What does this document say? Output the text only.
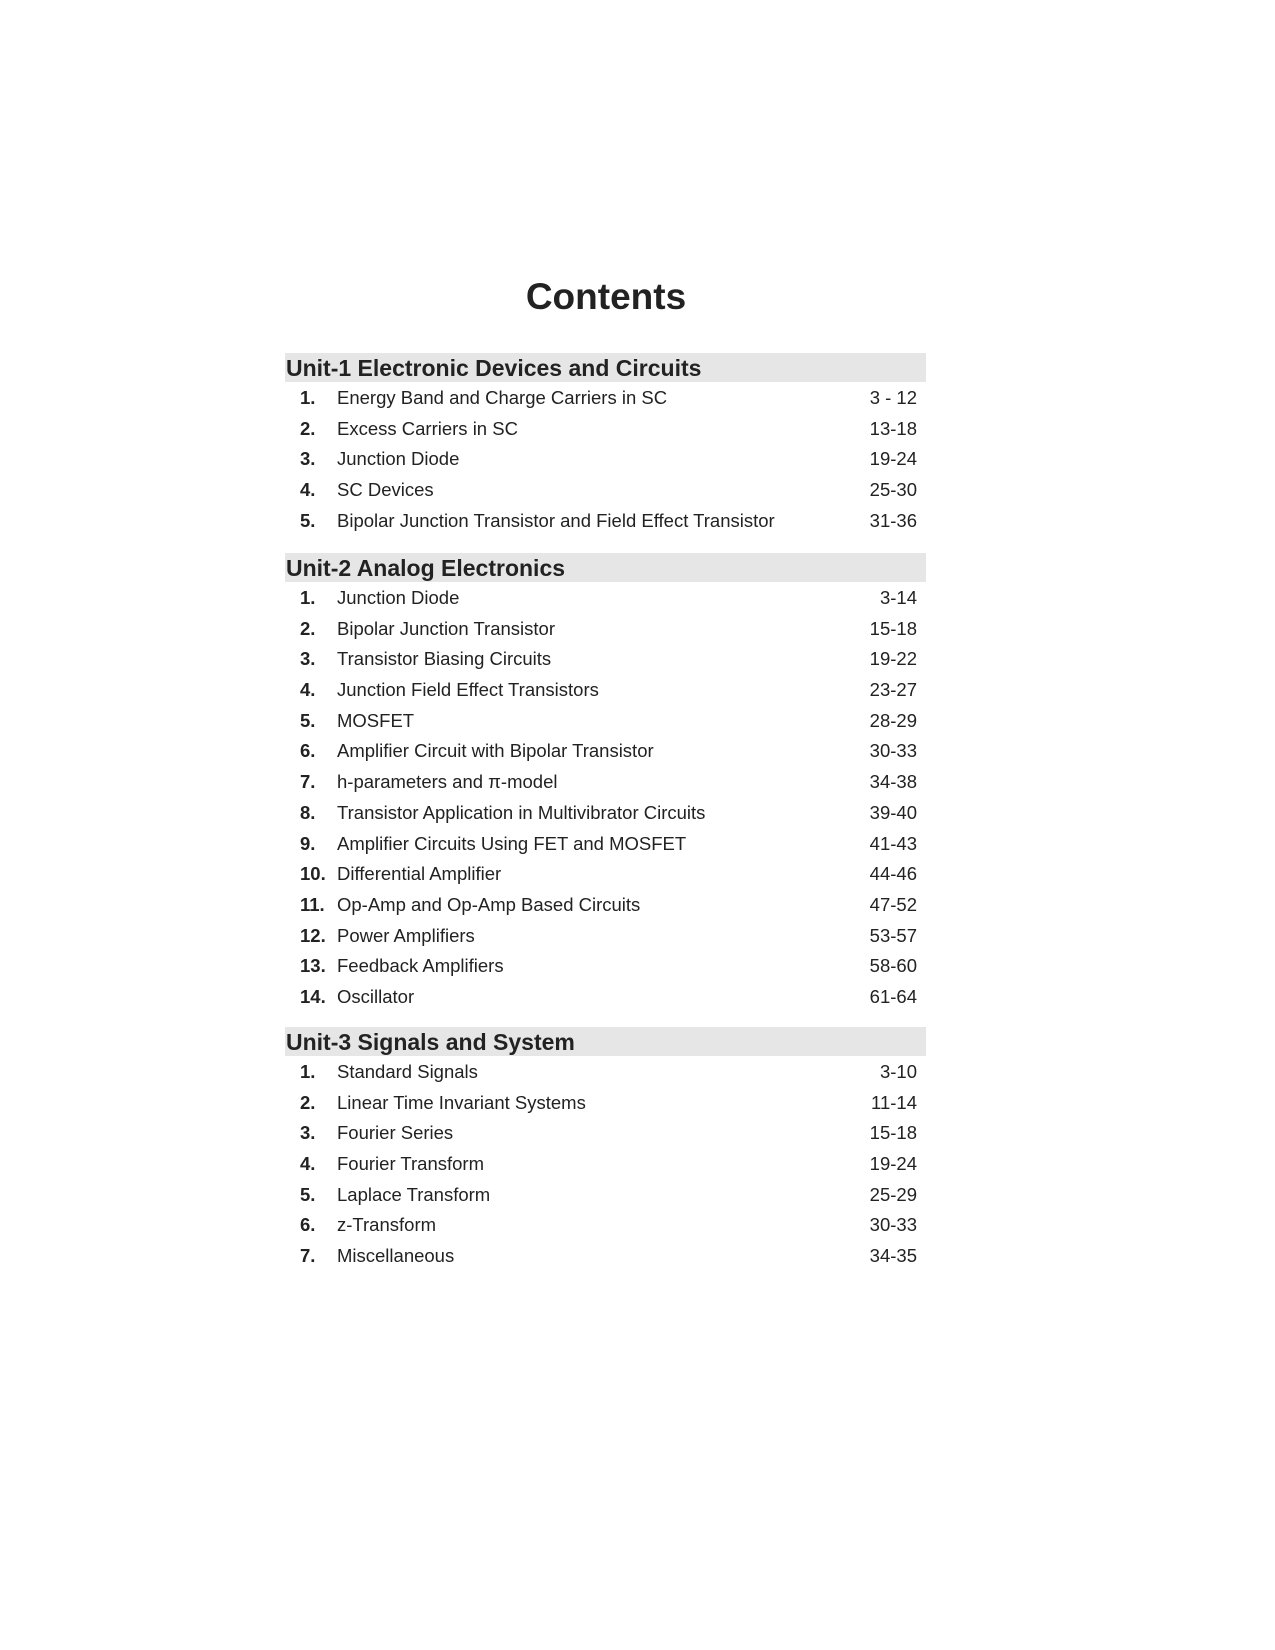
Contents
Unit-1 Electronic Devices and Circuits
1. Energy Band and Charge Carriers in SC	3 - 12
2. Excess Carriers in SC	13-18
3. Junction Diode	19-24
4. SC Devices	25-30
5. Bipolar Junction Transistor and Field Effect Transistor	31-36
Unit-2 Analog Electronics
1. Junction Diode	3-14
2. Bipolar Junction Transistor	15-18
3. Transistor Biasing Circuits	19-22
4. Junction Field Effect Transistors	23-27
5. MOSFET	28-29
6. Amplifier Circuit with Bipolar Transistor	30-33
7. h-parameters and π-model	34-38
8. Transistor Application in Multivibrator Circuits	39-40
9. Amplifier Circuits Using FET and MOSFET	41-43
10. Differential Amplifier	44-46
11. Op-Amp and Op-Amp Based Circuits	47-52
12. Power Amplifiers	53-57
13. Feedback Amplifiers	58-60
14. Oscillator	61-64
Unit-3 Signals and System
1. Standard Signals	3-10
2. Linear Time Invariant Systems	11-14
3. Fourier Series	15-18
4. Fourier Transform	19-24
5. Laplace Transform	25-29
6. z-Transform	30-33
7. Miscellaneous	34-35
